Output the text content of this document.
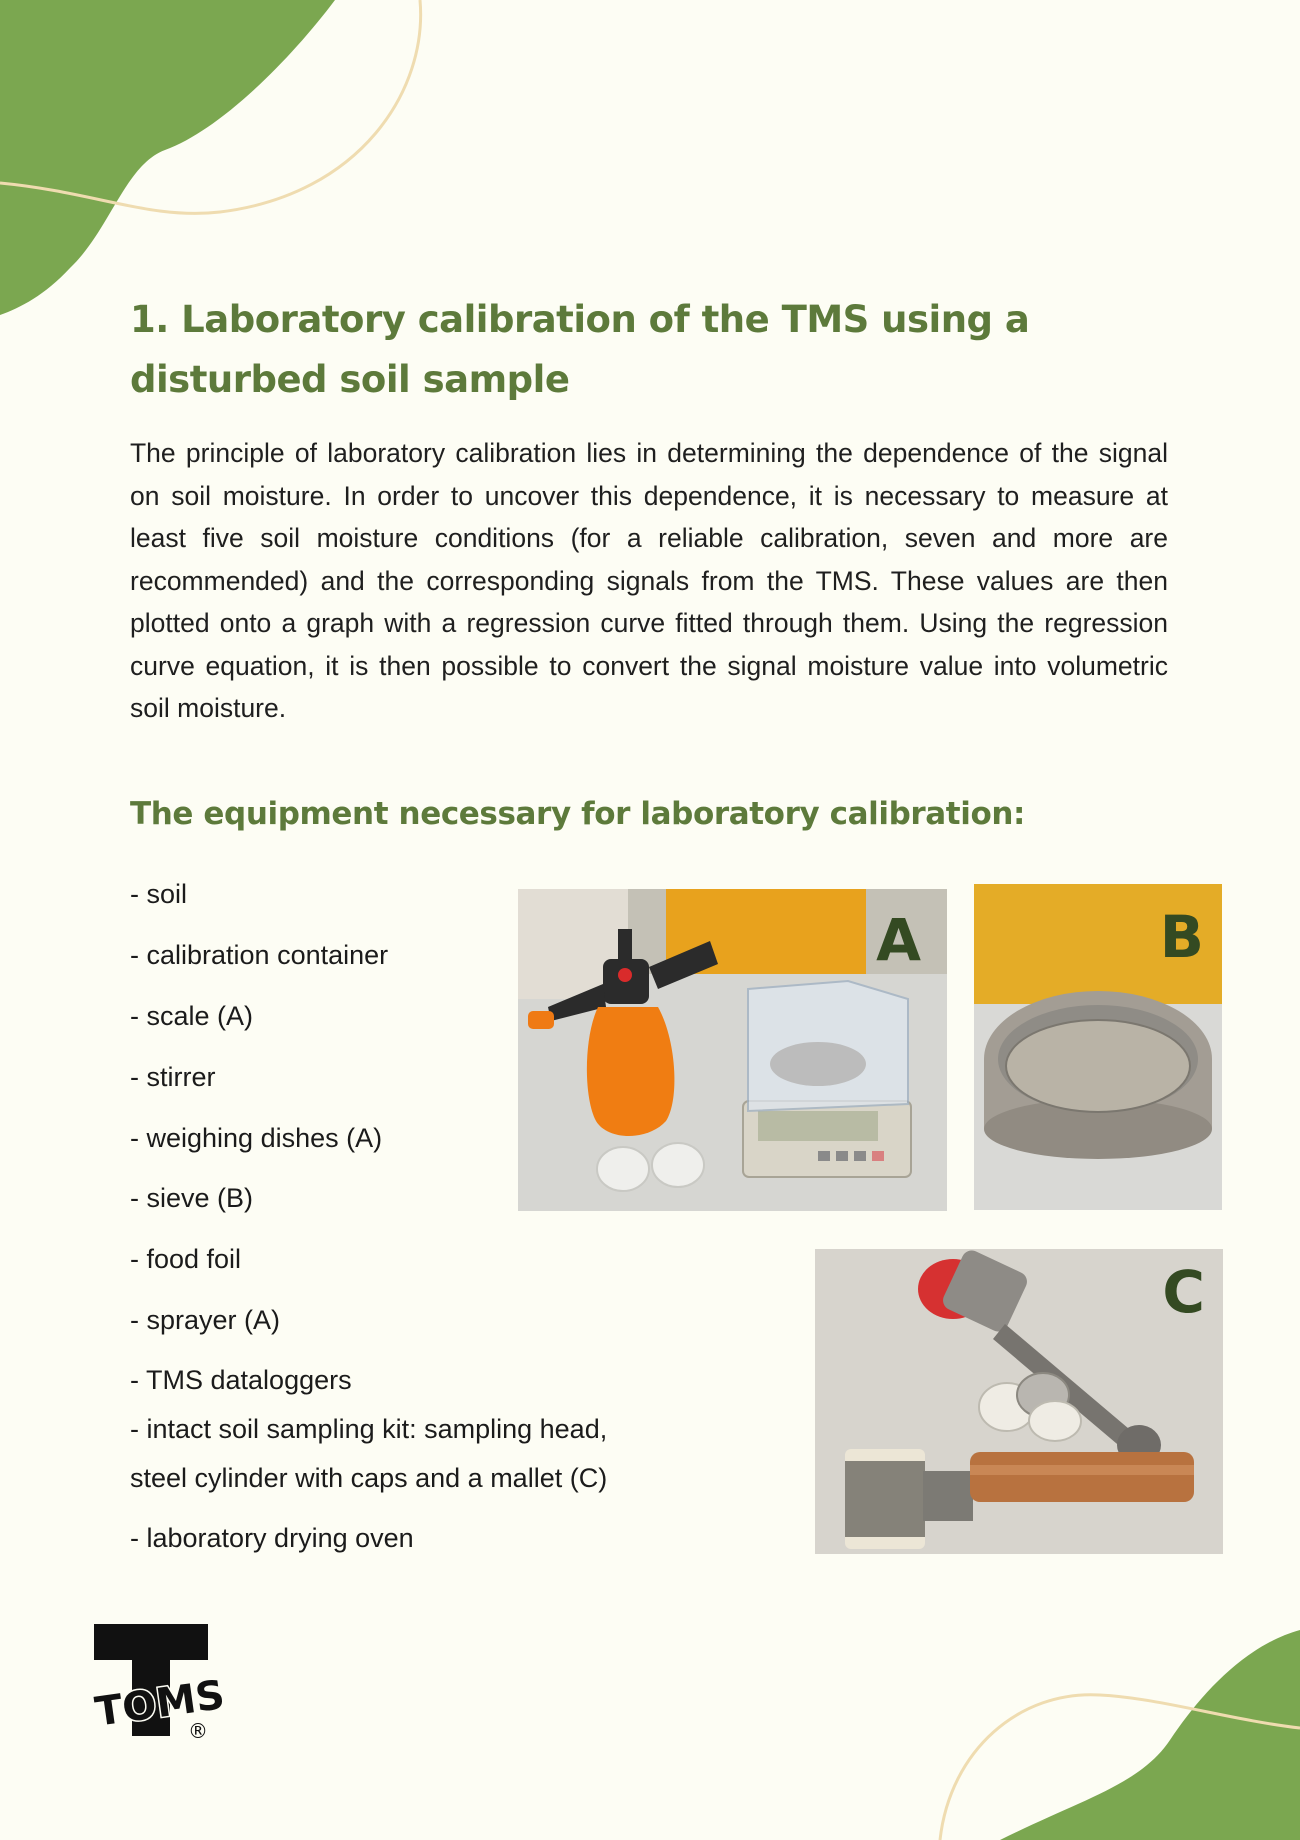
1. Laboratory calibration of the TMS using a
disturbed soil sample

The principle of laboratory calibration lies in determining the dependence of the signal on soil moisture. In order to uncover this dependence, it is necessary to measure at least five soil moisture conditions (for a reliable calibration, seven and more are recommended) and the corresponding signals from the TMS. These values are then plotted onto a graph with a regression curve fitted through them. Using the regression curve equation, it is then possible to convert the signal moisture value into volumetric soil moisture.

The equipment necessary for laboratory calibration:
- soil
- calibration container
- scale (A)
- stirrer
- weighing dishes (A)
- sieve (B)
- food foil
- sprayer (A)
- TMS dataloggers
- intact soil sampling kit: sampling head,
steel cylinder with caps and a mallet (C)
- laboratory drying oven
A	B
C
TOMST
®
